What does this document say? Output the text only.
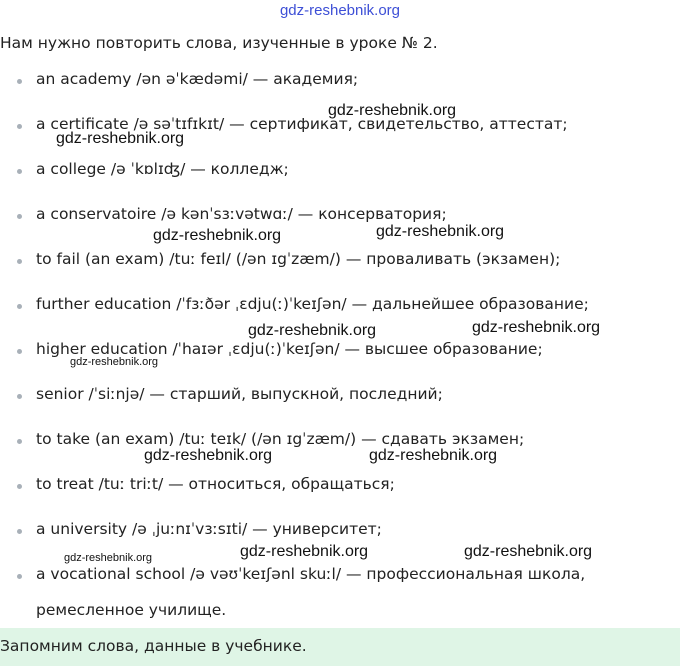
gdz-reshebnik.org
Нам нужно повторить слова, изученные в уроке № 2.
an academy /ən əˈkædəmi/ — академия;
a certificate /ə səˈtɪfɪkɪt/ — сертификат, свидетельство, аттестат;
a college /ə ˈkɒlɪʤ/ — колледж;
a conservatoire /ə kənˈsɜːvətwɑː/ — консерватория;
to fail (an exam) /tuː feɪl/ (/ən ɪgˈzæm/) — проваливать (экзамен);
further education /ˈfɜːðər ˌɛdju(ː)ˈkeɪʃən/ — дальнейшее образование;
higher education /ˈhaɪər ˌɛdju(ː)ˈkeɪʃən/ — высшее образование;
senior /ˈsiːnjə/ — старший, выпускной, последний;
to take (an exam) /tuː teɪk/ (/ən ɪgˈzæm/) — сдавать экзамен;
to treat /tuː triːt/ — относиться, обращаться;
a university /ə ˌjuːnɪˈvɜːsɪti/ — университет;
a vocational school /ə vəʊˈkeɪʃənl skuːl/ — профессиональная школа,
ремесленное училище.
Запомним слова, данные в учебнике.
gdz-reshebnik.org
gdz-reshebnik.org
gdz-reshebnik.org	gdz-reshebnik.org
gdz-reshebnik.org	gdz-reshebnik.org
gdz-reshebnik.org
gdz-reshebnik.org	gdz-reshebnik.org
gdz-reshebnik.org	gdz-reshebnik.org	gdz-reshebnik.org
